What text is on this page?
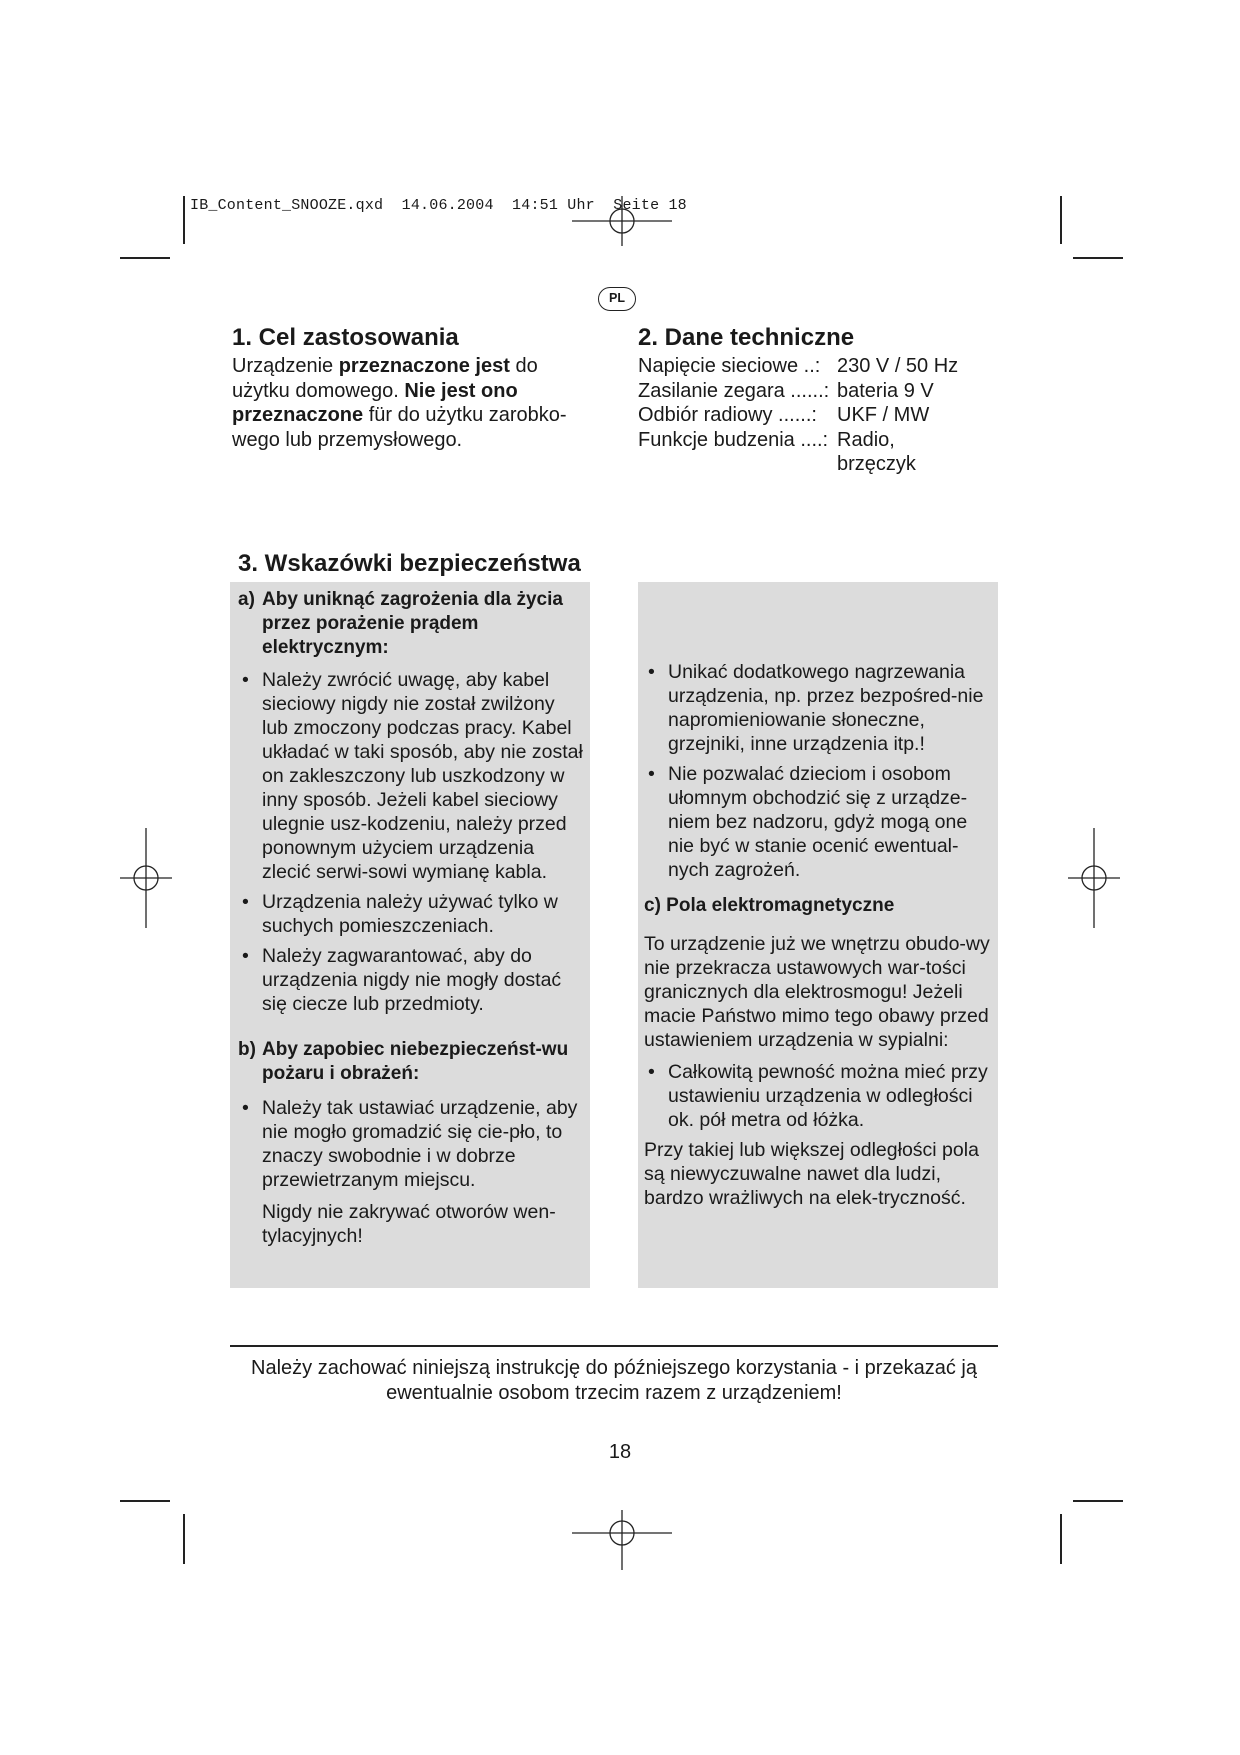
IB_Content_SNOOZE.qxd  14.06.2004  14:51 Uhr  Seite 18
PL
1. Cel zastosowania

Urządzenie przeznaczone jest do

użytku domowego. Nie jest ono

przeznaczone für do użytku zarobko-

wego lub przemysłowego.

2. Dane techniczne
Napięcie sieciowe ..: 230 V / 50 Hz
Zasilanie zegara ......: bateria 9 V
Odbiór radiowy ......:	UKF / MW
Funkcje budzenia ....: Radio,
brzęczyk
3. Wskazówki bezpieczeństwa
a) Aby uniknąć zagrożenia dla życia przez porażenie prądem elektrycznym:
• Należy zwrócić uwagę, aby kabel sieciowy nigdy nie został zwilżony lub zmoczony podczas pracy. Kabel układać w taki sposób, aby nie został on zakleszczony lub uszkodzony w inny sposób. Jeżeli kabel sieciowy ulegnie usz-kodzeniu, należy przed ponownym użyciem urządzenia zlecić serwi-sowi wymianę kabla.
• Urządzenia należy używać tylko w suchych pomieszczeniach.
• Należy zagwarantować, aby do urządzenia nigdy nie mogły dostać się ciecze lub przedmioty.
b) Aby zapobiec niebezpieczeńst-wu pożaru i obrażeń:
• Należy tak ustawiać urządzenie, aby nie mogło gromadzić się cie-pło, to znaczy swobodnie i w dobrze przewietrzanym miejscu.

Nigdy nie zakrywać otworów wen-tylacyjnych!

• Unikać dodatkowego nagrzewania urządzenia, np. przez bezpośred-nie napromieniowanie słoneczne, grzejniki, inne urządzenia itp.!
• Nie pozwalać dzieciom i osobom ułomnym obchodzić się z urządze-niem bez nadzoru, gdyż mogą one nie być w stanie ocenić ewentual-nych zagrożeń.
c) Pola elektromagnetyczne

To urządzenie już we wnętrzu obudo-wy nie przekracza ustawowych war-tości granicznych dla elektrosmogu! Jeżeli macie Państwo mimo tego obawy przed ustawieniem urządzenia w sypialni:

• Całkowitą pewność można mieć przy ustawieniu urządzenia w odległości ok. pół metra od łóżka.

Przy takiej lub większej odległości pola są niewyczuwalne nawet dla ludzi, bardzo wrażliwych na elek-tryczność.

Należy zachować niniejszą instrukcję do późniejszego korzystania - i przekazać ją ewentualnie osobom trzecim razem z urządzeniem!
18
